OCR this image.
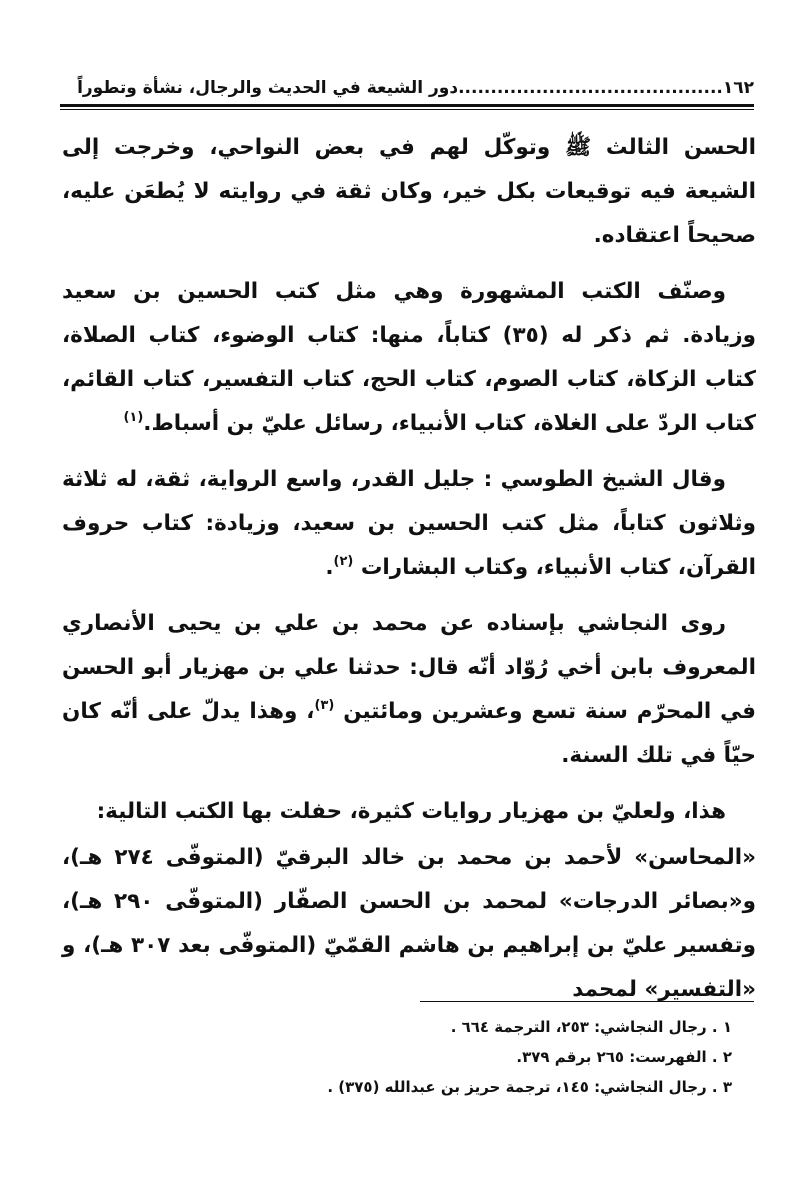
١٦٢
.........................................
دور الشيعة في الحديث والرجال، نشأة وتطوراً

الحسن الثالث ﷺ وتوكّل لهم في بعض النواحي، وخرجت إلى الشيعة فيه توقيعات بكل خير، وكان ثقة في روايته لا يُطعَن عليه، صحيحاً اعتقاده.

وصنّف الكتب المشهورة وهي مثل كتب الحسين بن سعيد وزيادة. ثم ذكر له (٣٥) كتاباً، منها: كتاب الوضوء، كتاب الصلاة، كتاب الزكاة، كتاب الصوم، كتاب الحج، كتاب التفسير، كتاب القائم، كتاب الردّ على الغلاة، كتاب الأنبياء، رسائل عليّ بن أسباط.$^{(١)}$

وقال الشيخ الطوسي : جليل القدر، واسع الرواية، ثقة، له ثلاثة وثلاثون كتاباً، مثل كتب الحسين بن سعيد، وزيادة: كتاب حروف القرآن، كتاب الأنبياء، وكتاب البشارات $^{(٢)}$.

روى النجاشي بإسناده عن محمد بن علي بن يحيى الأنصاري المعروف بابن أخي رُوّاد أنّه قال: حدثنا علي بن مهزيار أبو الحسن في المحرّم سنة تسع وعشرين ومائتين $^{(٣)}$، وهذا يدلّ على أنّه كان حيّاً في تلك السنة.

هذا، ولعليّ بن مهزيار روايات كثيرة، حفلت بها الكتب التالية:

«المحاسن» لأحمد بن محمد بن خالد البرقيّ (المتوفّى ٢٧٤ هـ)، و«بصائر الدرجات» لمحمد بن الحسن الصفّار (المتوفّى ٢٩٠ هـ)، وتفسير عليّ بن إبراهيم بن هاشم القمّيّ (المتوفّى بعد ٣٠٧ هـ)، و «التفسير» لمحمد

١ . رجال النجاشي: ٢٥٣، الترجمة ٦٦٤ .
٢ . الفهرست: ٢٦٥ برقم ٣٧٩.
٣ . رجال النجاشي: ١٤٥، ترجمة حريز بن عبدالله (٣٧٥) .
